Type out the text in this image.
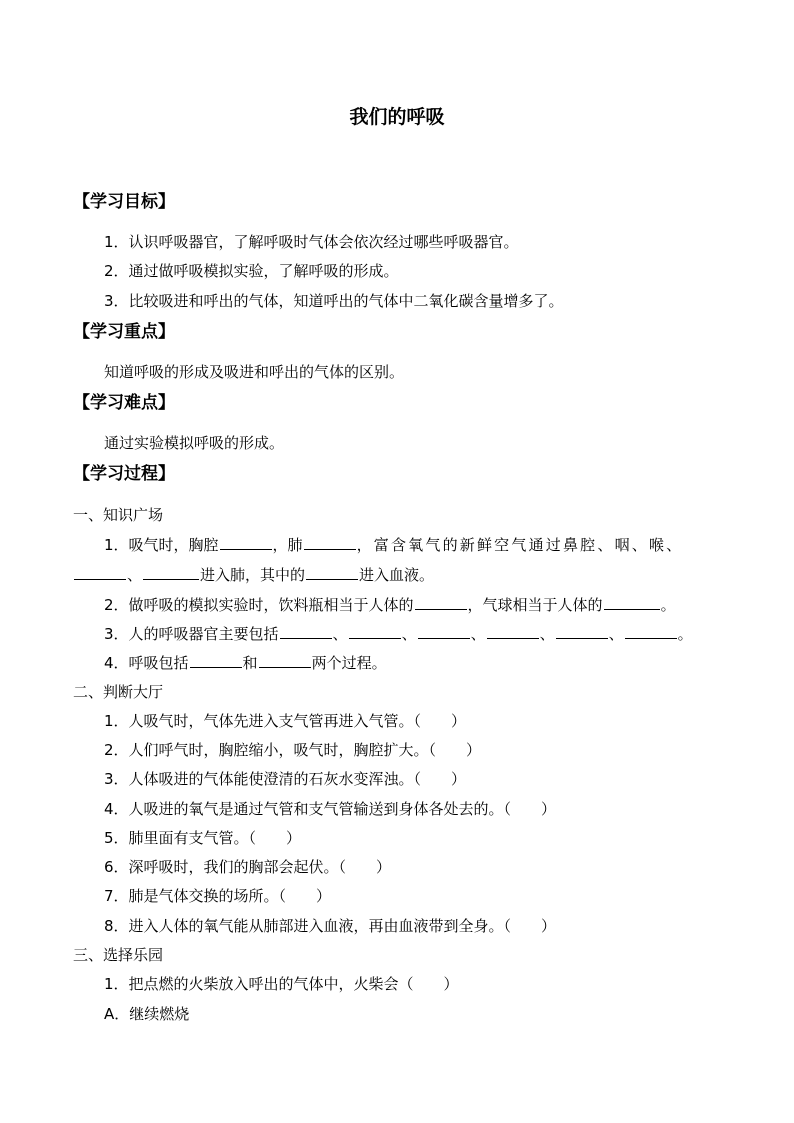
我们的呼吸
【学习目标】
1．认识呼吸器官，了解呼吸时气体会依次经过哪些呼吸器官。
2．通过做呼吸模拟实验，了解呼吸的形成。
3．比较吸进和呼出的气体，知道呼出的气体中二氧化碳含量增多了。
【学习重点】
知道呼吸的形成及吸进和呼出的气体的区别。
【学习难点】
通过实验模拟呼吸的形成。
【学习过程】
一、知识广场
1．吸气时，胸腔	，肺	，富含氧气的新鲜空气通过鼻腔、咽、喉、
、	进入肺，其中的	进入血液。
2．做呼吸的模拟实验时，饮料瓶相当于人体的	，气球相当于人体的	。
3．人的呼吸器官主要包括	、	、	、	、	、	。
4．呼吸包括	和	两个过程。
二、判断大厅
1．人吸气时，气体先进入支气管再进入气管。（　　）
2．人们呼气时，胸腔缩小，吸气时，胸腔扩大。（　　）
3．人体吸进的气体能使澄清的石灰水变浑浊。（　　）
4．人吸进的氧气是通过气管和支气管输送到身体各处去的。（　　）
5．肺里面有支气管。（　　）
6．深呼吸时，我们的胸部会起伏。（　　）
7．肺是气体交换的场所。（　　）
8．进入人体的氧气能从肺部进入血液，再由血液带到全身。（　　）
三、选择乐园
1．把点燃的火柴放入呼出的气体中，火柴会（　　）
A．继续燃烧
